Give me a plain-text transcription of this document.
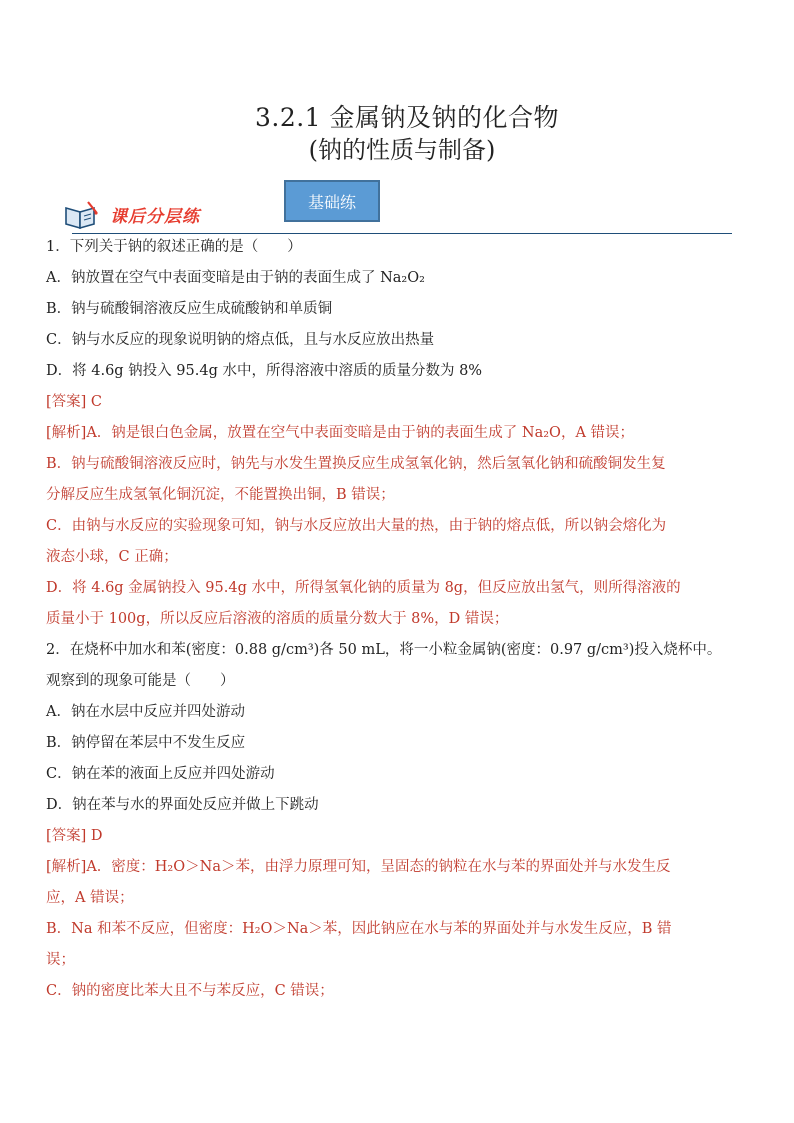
3.2.1 金属钠及钠的化合物
(钠的性质与制备)
基础练
课后分层练
1．下列关于钠的叙述正确的是（　　）
A．钠放置在空气中表面变暗是由于钠的表面生成了 Na₂O₂
B．钠与硫酸铜溶液反应生成硫酸钠和单质铜
C．钠与水反应的现象说明钠的熔点低，且与水反应放出热量
D．将 4.6g 钠投入 95.4g 水中，所得溶液中溶质的质量分数为 8%
[答案] C
[解析]A．钠是银白色金属，放置在空气中表面变暗是由于钠的表面生成了 Na₂O，A 错误；
B．钠与硫酸铜溶液反应时，钠先与水发生置换反应生成氢氧化钠，然后氢氧化钠和硫酸铜发生复
分解反应生成氢氧化铜沉淀，不能置换出铜，B 错误；
C．由钠与水反应的实验现象可知，钠与水反应放出大量的热，由于钠的熔点低，所以钠会熔化为
液态小球，C 正确；
D．将 4.6g 金属钠投入 95.4g 水中，所得氢氧化钠的质量为 8g，但反应放出氢气，则所得溶液的
质量小于 100g，所以反应后溶液的溶质的质量分数大于 8%，D 错误；
2．在烧杯中加水和苯(密度：0.88 g/cm³)各 50 mL，将一小粒金属钠(密度：0.97 g/cm³)投入烧杯中。
观察到的现象可能是（　　）
A．钠在水层中反应并四处游动
B．钠停留在苯层中不发生反应
C．钠在苯的液面上反应并四处游动
D．钠在苯与水的界面处反应并做上下跳动
[答案] D
[解析]A．密度：H₂O＞Na＞苯，由浮力原理可知，呈固态的钠粒在水与苯的界面处并与水发生反
应，A 错误；
B．Na 和苯不反应，但密度：H₂O＞Na＞苯，因此钠应在水与苯的界面处并与水发生反应，B 错
误；
C．钠的密度比苯大且不与苯反应，C 错误；
